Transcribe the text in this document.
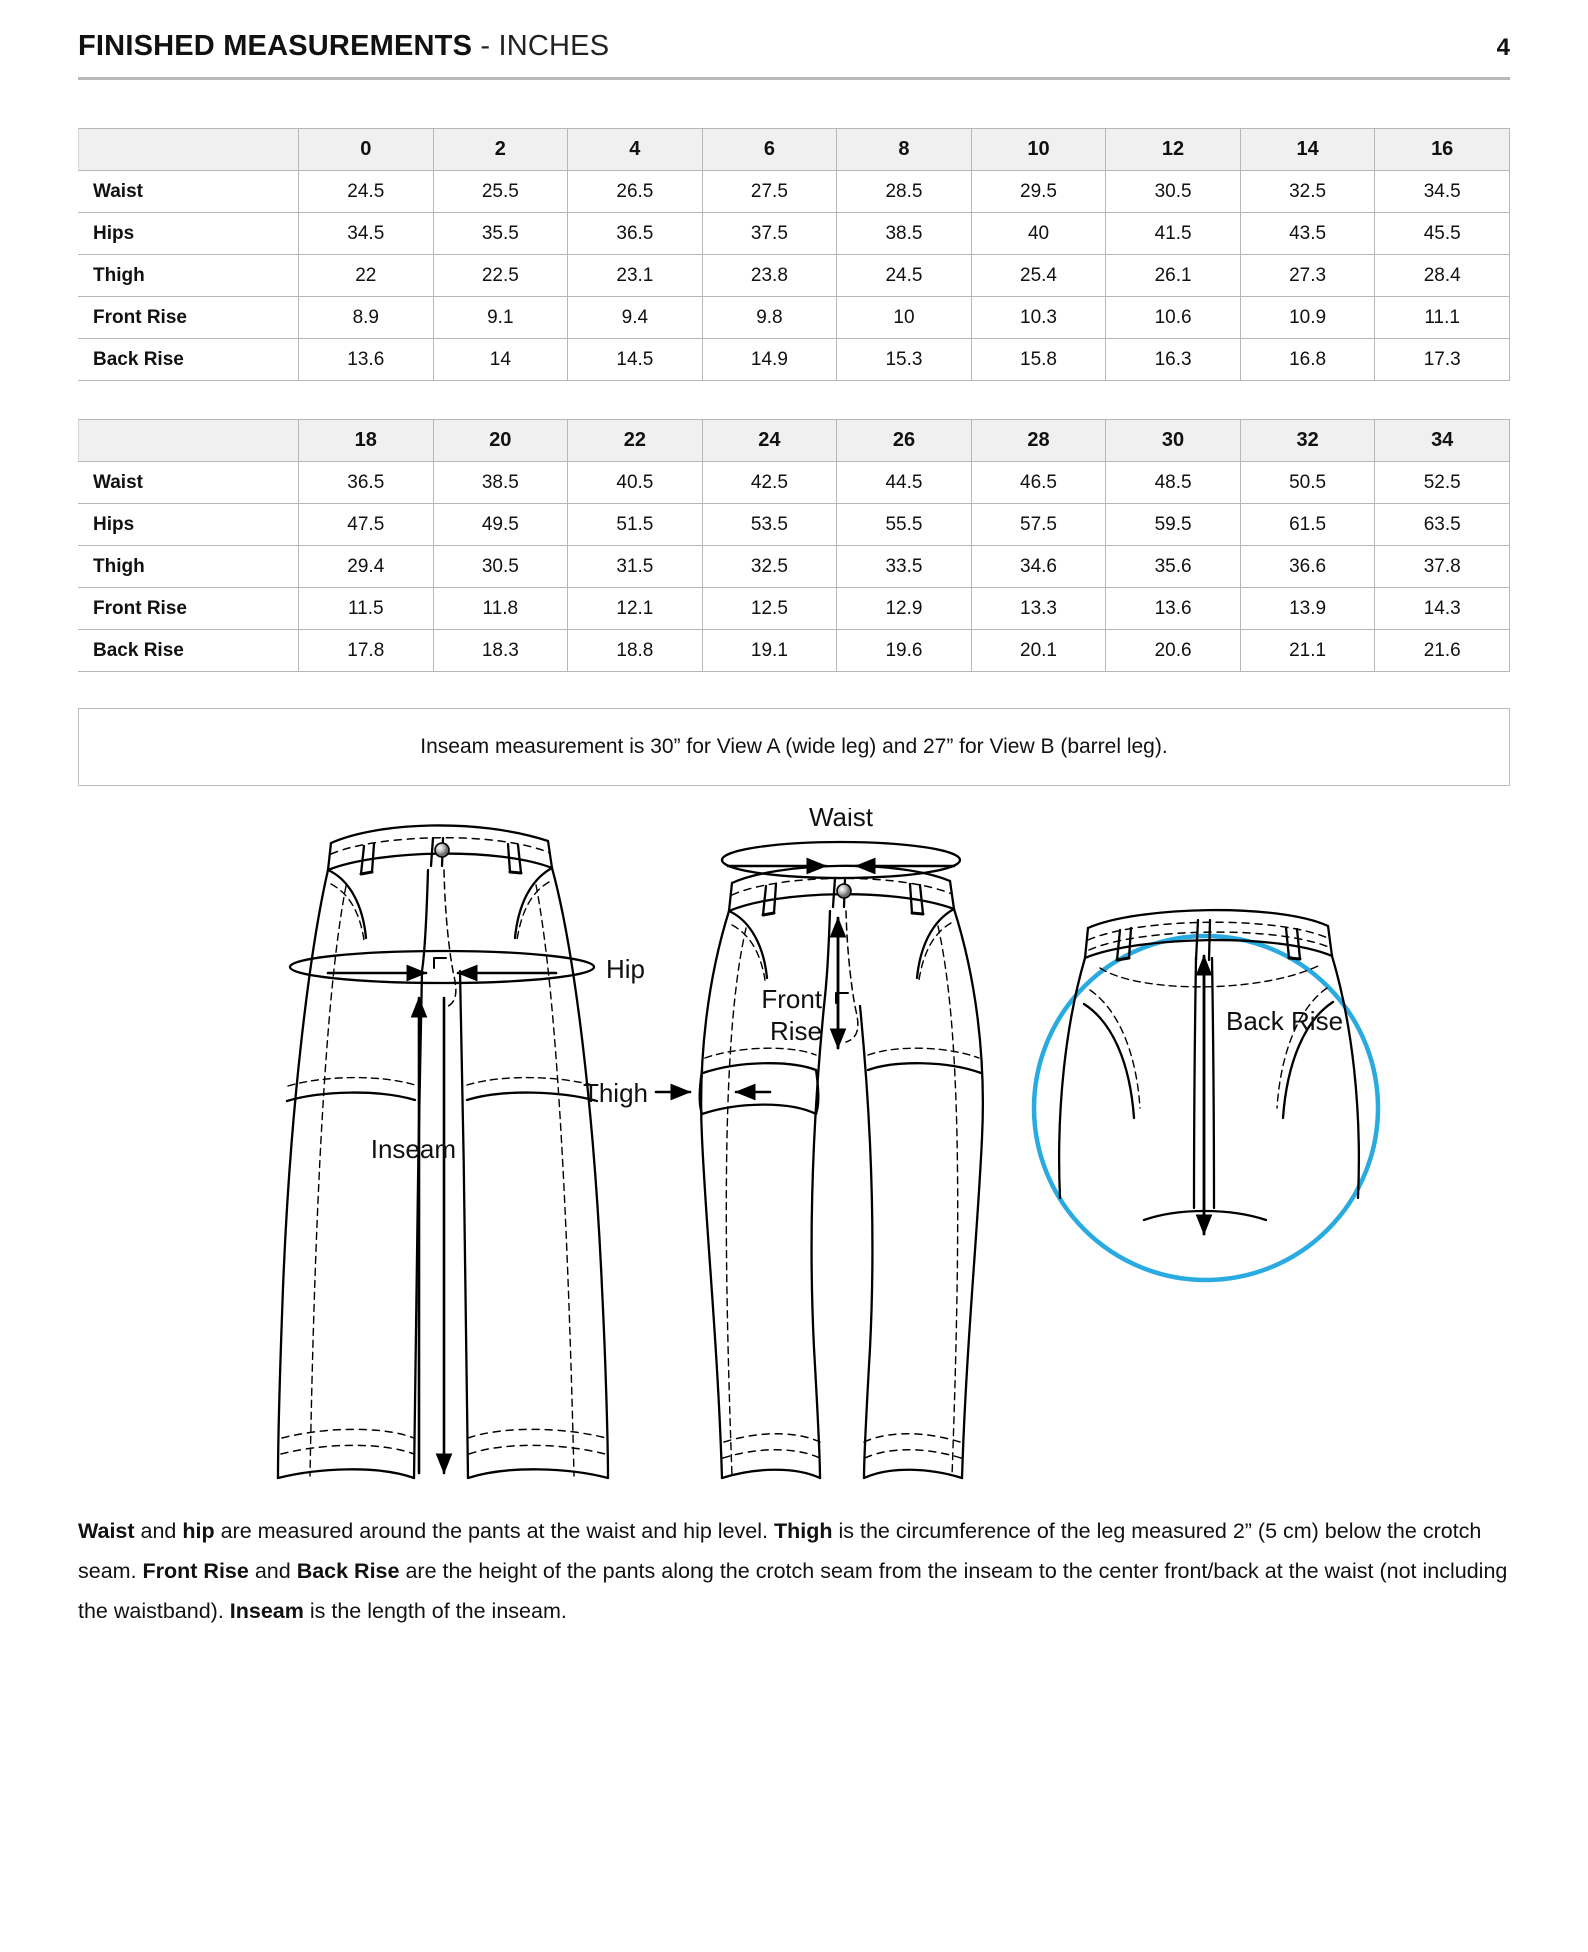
FINISHED MEASUREMENTS - INCHES	4
	0	2	4	6	8	10	12	14	16
Waist	24.5	25.5	26.5	27.5	28.5	29.5	30.5	32.5	34.5
Hips	34.5	35.5	36.5	37.5	38.5	40	41.5	43.5	45.5
Thigh	22	22.5	23.1	23.8	24.5	25.4	26.1	27.3	28.4
Front Rise	8.9	9.1	9.4	9.8	10	10.3	10.6	10.9	11.1
Back Rise	13.6	14	14.5	14.9	15.3	15.8	16.3	16.8	17.3
	18	20	22	24	26	28	30	32	34
Waist	36.5	38.5	40.5	42.5	44.5	46.5	48.5	50.5	52.5
Hips	47.5	49.5	51.5	53.5	55.5	57.5	59.5	61.5	63.5
Thigh	29.4	30.5	31.5	32.5	33.5	34.6	35.6	36.6	37.8
Front Rise	11.5	11.8	12.1	12.5	12.9	13.3	13.6	13.9	14.3
Back Rise	17.8	18.3	18.8	19.1	19.6	20.1	20.6	21.1	21.6
Inseam measurement is 30” for View A (wide leg) and 27” for View B (barrel leg).
Waist
Hip
Thigh
Inseam
Front
Rise	Back Rise

Waist and hip are measured around the pants at the waist and hip level. Thigh is the circumference of the leg measured 2” (5 cm) below the crotch seam. Front Rise and Back Rise are the height of the pants along the crotch seam from the inseam to the center front/back at the waist (not including the waistband). Inseam is the length of the inseam.
